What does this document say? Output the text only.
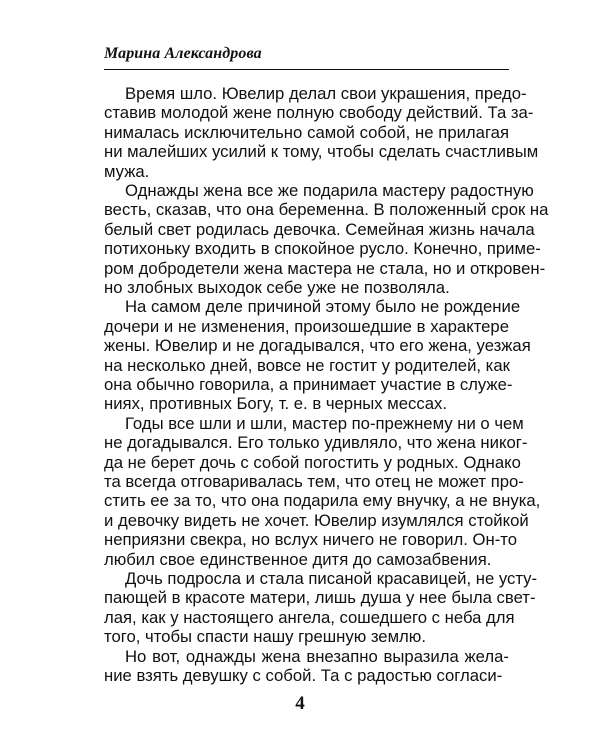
Марина Александрова
Время шло. Ювелир делал свои украшения, предо-
ставив молодой жене полную свободу действий. Та за-
нималась исключительно самой собой, не прилагая
ни малейших усилий к тому, чтобы сделать счастливым
мужа.
Однажды жена все же подарила мастеру радостную
весть, сказав, что она беременна. В положенный срок на
белый свет родилась девочка. Семейная жизнь начала
потихоньку входить в спокойное русло. Конечно, приме-
ром добродетели жена мастера не стала, но и откровен-
но злобных выходок себе уже не позволяла.
На самом деле причиной этому было не рождение
дочери и не изменения, произошедшие в характере
жены. Ювелир и не догадывался, что его жена, уезжая
на несколько дней, вовсе не гостит у родителей, как
она обычно говорила, а принимает участие в служе-
ниях, противных Богу, т. е. в черных мессах.
Годы все шли и шли, мастер по-прежнему ни о чем
не догадывался. Его только удивляло, что жена никог-
да не берет дочь с собой погостить у родных. Однако
та всегда отговаривалась тем, что отец не может про-
стить ее за то, что она подарила ему внучку, а не внука,
и девочку видеть не хочет. Ювелир изумлялся стойкой
неприязни свекра, но вслух ничего не говорил. Он-то
любил свое единственное дитя до самозабвения.
Дочь подросла и стала писаной красавицей, не усту-
пающей в красоте матери, лишь душа у нее была свет-
лая, как у настоящего ангела, сошедшего с неба для
того, чтобы спасти нашу грешную землю.
Но вот, однажды жена внезапно выразила жела-
ние взять девушку с собой. Та с радостью согласи-
4
